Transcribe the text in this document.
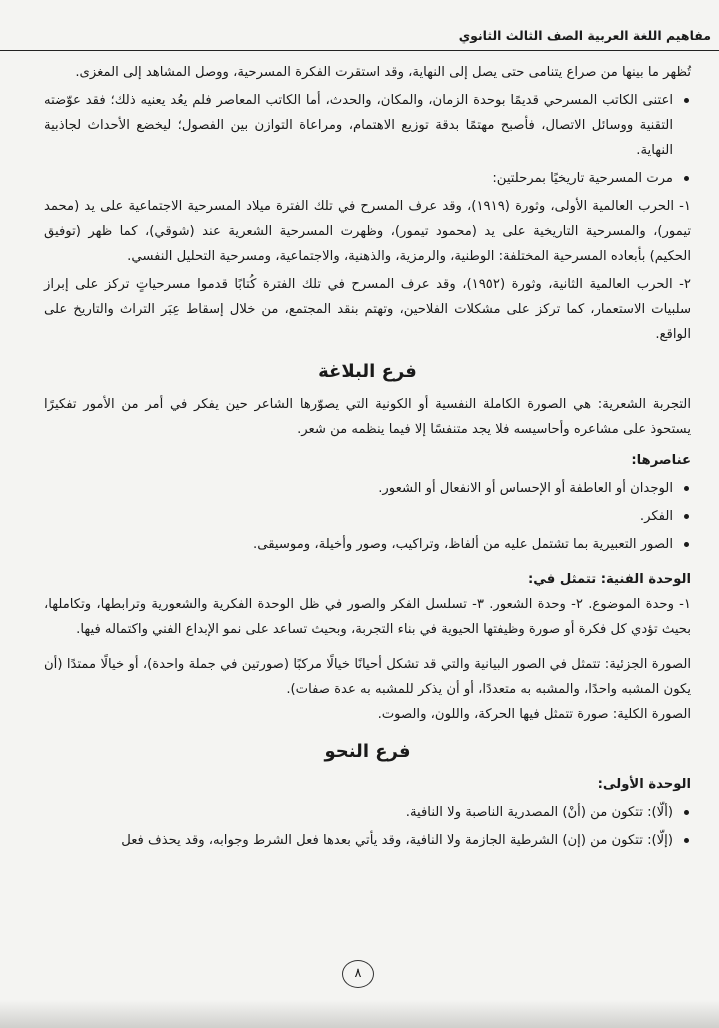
مفاهيم اللغة العربية الصف الثالث الثانوي

تُظهر ما بينها من صراع يتنامى حتى يصل إلى النهاية، وقد استقرت الفكرة المسرحية، ووصل المشاهد إلى المغزى.

اعتنى الكاتب المسرحي قديمًا بوحدة الزمان، والمكان، والحدث، أما الكاتب المعاصر فلم يعُد يعنيه ذلك؛ فقد عوّضته التقنية ووسائل الاتصال، فأصبح مهتمًا بدقة توزيع الاهتمام، ومراعاة التوازن بين الفصول؛ ليخضع الأحداث لجاذبية النهاية.

مرت المسرحية تاريخيًا بمرحلتين:

١- الحرب العالمية الأولى، وثورة (١٩١٩)، وقد عرف المسرح في تلك الفترة ميلاد المسرحية الاجتماعية على يد (محمد تيمور)، والمسرحية التاريخية على يد (محمود تيمور)، وظهرت المسرحية الشعرية عند (شوقي)، كما ظهر (توفيق الحكيم) بأبعاده المسرحية المختلفة: الوطنية، والرمزية، والذهنية، والاجتماعية، ومسرحية التحليل النفسي.

٢- الحرب العالمية الثانية، وثورة (١٩٥٢)، وقد عرف المسرح في تلك الفترة كُتابًا قدموا مسرحياتٍ تركز على إبراز سلبيات الاستعمار، كما تركز على مشكلات الفلاحين، وتهتم بنقد المجتمع، من خلال إسقاط عِبَر التراث والتاريخ على الواقع.

فرع البلاغة

التجربة الشعرية: هي الصورة الكاملة النفسية أو الكونية التي يصوّرها الشاعر حين يفكر في أمر من الأمور تفكيرًا يستحوذ على مشاعره وأحاسيسه فلا يجد متنفسًا إلا فيما ينظمه من شعر.

عناصرها:

الوجدان أو العاطفة أو الإحساس أو الانفعال أو الشعور.

الفكر.

الصور التعبيرية بما تشتمل عليه من ألفاظ، وتراكيب، وصور وأخيلة، وموسيقى.

الوحدة الفنية: تتمثل في:

١- وحدة الموضوع. ٢- وحدة الشعور. ٣- تسلسل الفكر والصور في ظل الوحدة الفكرية والشعورية وترابطها، وتكاملها، بحيث تؤدي كل فكرة أو صورة وظيفتها الحيوية في بناء التجربة، وبحيث تساعد على نمو الإبداع الفني واكتماله فيها.

الصورة الجزئية: تتمثل في الصور البيانية والتي قد تشكل أحيانًا خيالًا مركبًا (صورتين في جملة واحدة)، أو خيالًا ممتدًا (أن يكون المشبه واحدًا، والمشبه به متعددًا، أو أن يذكر للمشبه به عدة صفات).

الصورة الكلية: صورة تتمثل فيها الحركة، واللون، والصوت.

فرع النحو

الوحدة الأولى:

(ألّا): تتكون من (أنْ) المصدرية الناصبة ولا النافية.

(إلّا): تتكون من (إن) الشرطية الجازمة ولا النافية، وقد يأتي بعدها فعل الشرط وجوابه، وقد يحذف فعل

٨
